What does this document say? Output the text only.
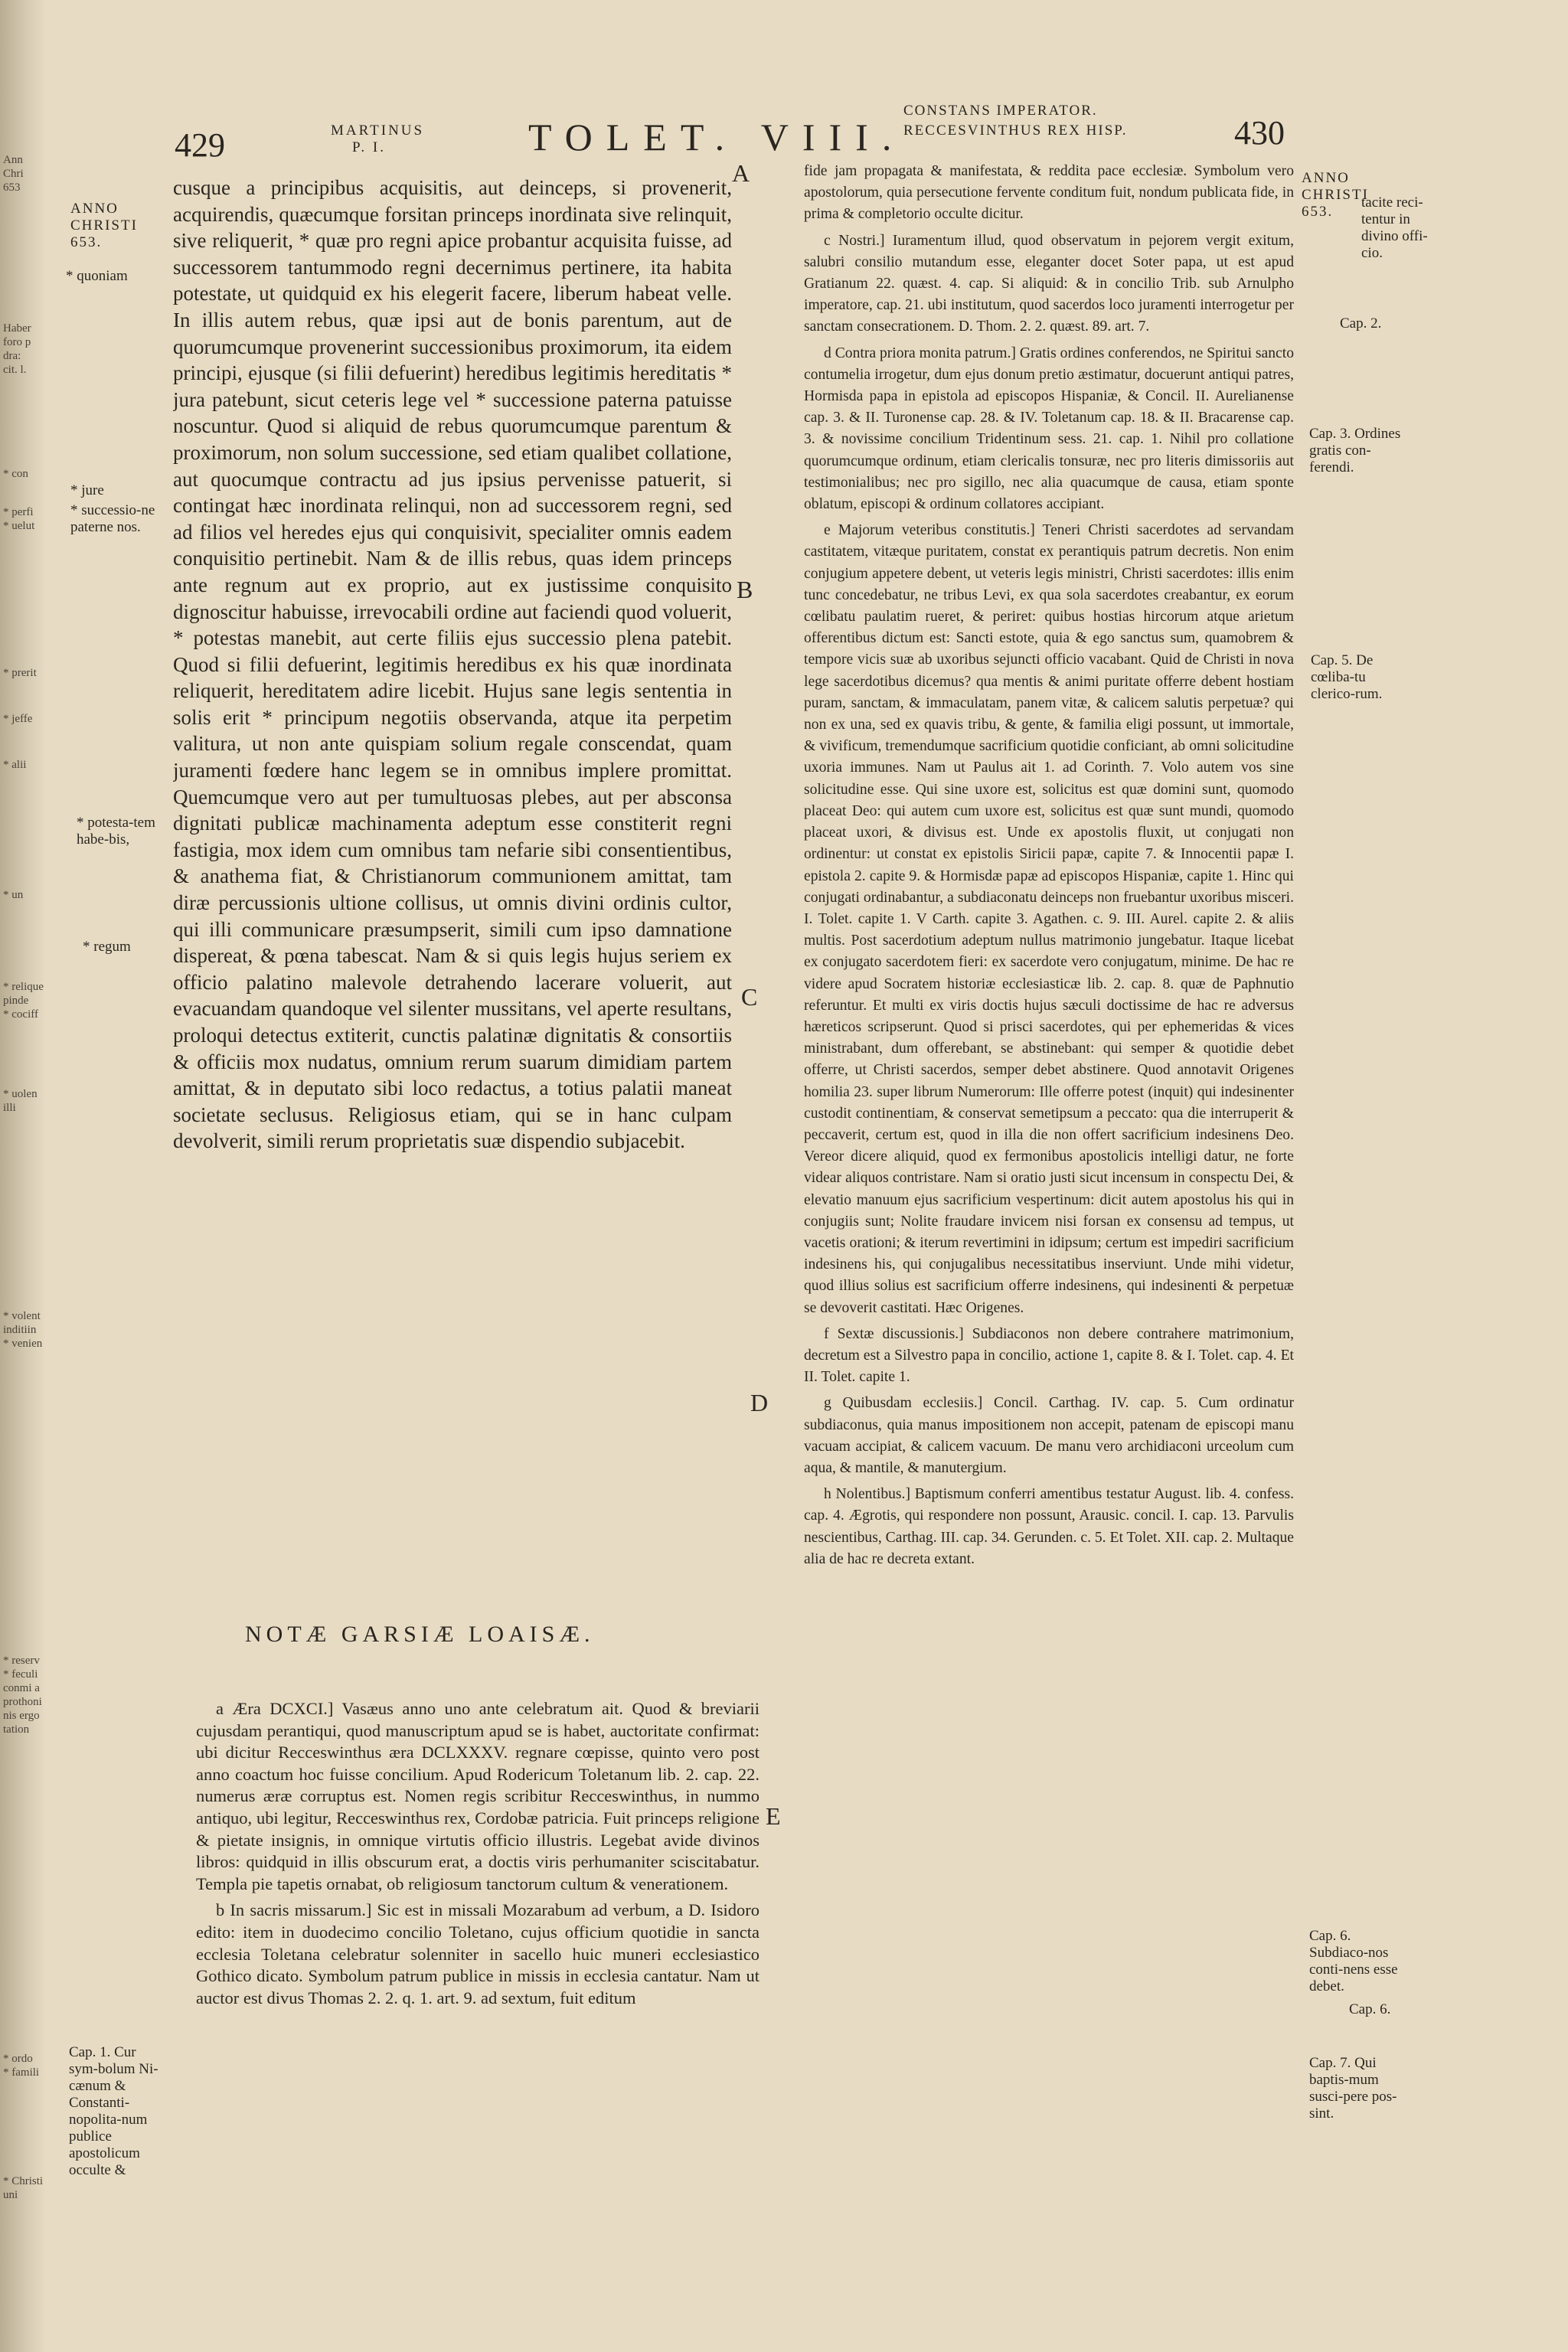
Ann
Chri
653
Haber
foro p
dra:
cit. l.
* con
* perfi
* uelut
* prerit
* jeffe
* alii
* un
* relique
pinde
* cociff
* uolen
illi
* volent
inditiin
* venien
* reserv
* feculi
conmi a
prothoni
nis ergo
tation
* ordo
* famili
* Christi
uni
429	MARTINUS P. I.	TOLET. VIII.
CONSTANS IMPERATOR.
RECCESVINTHUS REX HISP.	430
ANNO CHRISTI 653.
* quoniam
* jure
* successio-ne paterne nos.
* potesta-tem habe-bis,
* regum
Cap. 1. Cur sym-bolum Ni-cænum & Constanti-nopolita-num publice apostolicum occulte &
ANNO CHRISTI 653.
tacite reci-tentur in divino offi-cio.
Cap. 2.
Cap. 3. Ordines gratis con-ferendi.
Cap. 5. De cœliba-tu clerico-rum.
Cap. 6. Subdiaco-nos conti-nens esse debet.
Cap. 6.
Cap. 7. Qui baptis-mum susci-pere pos-sint.
A
B
C
D
E

cusque a principibus acquisitis, aut deinceps, si provenerit, acquirendis, quæcumque forsitan princeps inordinata sive relinquit, sive reliquerit, * quæ pro regni apice probantur acquisita fuisse, ad successorem tantummodo regni decernimus pertinere, ita habita potestate, ut quidquid ex his elegerit facere, liberum habeat velle. In illis autem rebus, quæ ipsi aut de bonis parentum, aut de quorumcumque provenerint successionibus proximorum, ita eidem principi, ejusque (si filii defuerint) heredibus legitimis hereditatis * jura patebunt, sicut ceteris lege vel * successione paterna patuisse noscuntur. Quod si aliquid de rebus quorumcumque parentum & proximorum, non solum successione, sed etiam qualibet collatione, aut quocumque contractu ad jus ipsius pervenisse patuerit, si contingat hæc inordinata relinqui, non ad successorem regni, sed ad filios vel heredes ejus qui conquisivit, specialiter omnis eadem conquisitio pertinebit. Nam & de illis rebus, quas idem princeps ante regnum aut ex proprio, aut ex justissime conquisito dignoscitur habuisse, irrevocabili ordine aut faciendi quod voluerit, * potestas manebit, aut certe filiis ejus successio plena patebit. Quod si filii defuerint, legitimis heredibus ex his quæ inordinata reliquerit, hereditatem adire licebit. Hujus sane legis sententia in solis erit * principum negotiis observanda, atque ita perpetim valitura, ut non ante quispiam solium regale conscendat, quam juramenti fœdere hanc legem se in omnibus implere promittat. Quemcumque vero aut per tumultuosas plebes, aut per absconsa dignitati publicæ machinamenta adeptum esse constiterit regni fastigia, mox idem cum omnibus tam nefarie sibi consentientibus, & anathema fiat, & Christianorum communionem amittat, tam diræ percussionis ultione collisus, ut omnis divini ordinis cultor, qui illi communicare præsumpserit, simili cum ipso damnatione dispereat, & pœna tabescat. Nam & si quis legis hujus seriem ex officio palatino malevole detrahendo lacerare voluerit, aut evacuandam quandoque vel silenter mussitans, vel aperte resultans, proloqui detectus extiterit, cunctis palatinæ dignitatis & consortiis & officiis mox nudatus, omnium rerum suarum dimidiam partem amittat, & in deputato sibi loco redactus, a totius palatii maneat societate seclusus. Religiosus etiam, qui se in hanc culpam devolverit, simili rerum proprietatis suæ dispendio subjacebit.

NOTÆ GARSIÆ LOAISÆ.

a Æra DCXCI.] Vasæus anno uno ante celebratum ait. Quod & breviarii cujusdam perantiqui, quod manuscriptum apud se is habet, auctoritate confirmat: ubi dicitur Recceswinthus æra DCLXXXV. regnare cœpisse, quinto vero post anno coactum hoc fuisse concilium. Apud Rodericum Toletanum lib. 2. cap. 22. numerus æræ corruptus est. Nomen regis scribitur Recceswinthus, in nummo antiquo, ubi legitur, Recceswinthus rex, Cordobæ patricia. Fuit princeps religione & pietate insignis, in omnique virtutis officio illustris. Legebat avide divinos libros: quidquid in illis obscurum erat, a doctis viris perhumaniter sciscitabatur. Templa pie tapetis ornabat, ob religiosum tanctorum cultum & venerationem.

b In sacris missarum.] Sic est in missali Mozarabum ad verbum, a D. Isidoro edito: item in duodecimo concilio Toletano, cujus officium quotidie in sancta ecclesia Toletana celebratur solenniter in sacello huic muneri ecclesiastico Gothico dicato. Symbolum patrum publice in missis in ecclesia cantatur. Nam ut auctor est divus Thomas 2. 2. q. 1. art. 9. ad sextum, fuit editum

fide jam propagata & manifestata, & reddita pace ecclesiæ. Symbolum vero apostolorum, quia persecutione fervente conditum fuit, nondum publicata fide, in prima & completorio occulte dicitur.

c Nostri.] Iuramentum illud, quod observatum in pejorem vergit exitum, salubri consilio mutandum esse, eleganter docet Soter papa, ut est apud Gratianum 22. quæst. 4. cap. Si aliquid: & in concilio Trib. sub Arnulpho imperatore, cap. 21. ubi institutum, quod sacerdos loco juramenti interrogetur per sanctam consecrationem. D. Thom. 2. 2. quæst. 89. art. 7.

d Contra priora monita patrum.] Gratis ordines conferendos, ne Spiritui sancto contumelia irrogetur, dum ejus donum pretio æstimatur, docuerunt antiqui patres, Hormisda papa in epistola ad episcopos Hispaniæ, & Concil. II. Aurelianense cap. 3. & II. Turonense cap. 28. & IV. Toletanum cap. 18. & II. Bracarense cap. 3. & novissime concilium Tridentinum sess. 21. cap. 1. Nihil pro collatione quorumcumque ordinum, etiam clericalis tonsuræ, nec pro literis dimissoriis aut testimonialibus; nec pro sigillo, nec alia quacumque de causa, etiam sponte oblatum, episcopi & ordinum collatores accipiant.

e Majorum veteribus constitutis.] Teneri Christi sacerdotes ad servandam castitatem, vitæque puritatem, constat ex perantiquis patrum decretis. Non enim conjugium appetere debent, ut veteris legis ministri, Christi sacerdotes: illis enim tunc concedebatur, ne tribus Levi, ex qua sola sacerdotes creabantur, ex eorum cœlibatu paulatim rueret, & periret: quibus hostias hircorum atque arietum offerentibus dictum est: Sancti estote, quia & ego sanctus sum, quamobrem & tempore vicis suæ ab uxoribus sejuncti officio vacabant. Quid de Christi in nova lege sacerdotibus dicemus? qua mentis & animi puritate offerre debent hostiam puram, sanctam, & immaculatam, panem vitæ, & calicem salutis perpetuæ? qui non ex una, sed ex quavis tribu, & gente, & familia eligi possunt, ut immortale, & vivificum, tremendumque sacrificium quotidie conficiant, ab omni solicitudine uxoria immunes. Nam ut Paulus ait 1. ad Corinth. 7. Volo autem vos sine solicitudine esse. Qui sine uxore est, solicitus est quæ domini sunt, quomodo placeat Deo: qui autem cum uxore est, solicitus est quæ sunt mundi, quomodo placeat uxori, & divisus est. Unde ex apostolis fluxit, ut conjugati non ordinentur: ut constat ex epistolis Siricii papæ, capite 7. & Innocentii papæ I. epistola 2. capite 9. & Hormisdæ papæ ad episcopos Hispaniæ, capite 1. Hinc qui conjugati ordinabantur, a subdiaconatu deinceps non fruebantur uxoribus misceri. I. Tolet. capite 1. V Carth. capite 3. Agathen. c. 9. III. Aurel. capite 2. & aliis multis. Post sacerdotium adeptum nullus matrimonio jungebatur. Itaque licebat ex conjugato sacerdotem fieri: ex sacerdote vero conjugatum, minime. De hac re videre apud Socratem historiæ ecclesiasticæ lib. 2. cap. 8. quæ de Paphnutio referuntur. Et multi ex viris doctis hujus sæculi doctissime de hac re adversus hæreticos scripserunt. Quod si prisci sacerdotes, qui per ephemeridas & vices ministrabant, dum offerebant, se abstinebant: qui semper & quotidie debet offerre, ut Christi sacerdos, semper debet abstinere. Quod annotavit Origenes homilia 23. super librum Numerorum: Ille offerre potest (inquit) qui indesinenter custodit continentiam, & conservat semetipsum a peccato: qua die interruperit & peccaverit, certum est, quod in illa die non offert sacrificium indesinens Deo. Vereor dicere aliquid, quod ex fermonibus apostolicis intelligi datur, ne forte videar aliquos contristare. Nam si oratio justi sicut incensum in conspectu Dei, & elevatio manuum ejus sacrificium vespertinum: dicit autem apostolus his qui in conjugiis sunt; Nolite fraudare invicem nisi forsan ex consensu ad tempus, ut vacetis orationi; & iterum revertimini in idipsum; certum est impediri sacrificium indesinens his, qui conjugalibus necessitatibus inserviunt. Unde mihi videtur, quod illius solius est sacrificium offerre indesinens, qui indesinenti & perpetuæ se devoverit castitati. Hæc Origenes.

f Sextæ discussionis.] Subdiaconos non debere contrahere matrimonium, decretum est a Silvestro papa in concilio, actione 1, capite 8. & I. Tolet. cap. 4. Et II. Tolet. capite 1.

g Quibusdam ecclesiis.] Concil. Carthag. IV. cap. 5. Cum ordinatur subdiaconus, quia manus impositionem non accepit, patenam de episcopi manu vacuam accipiat, & calicem vacuum. De manu vero archidiaconi urceolum cum aqua, & mantile, & manutergium.

h Nolentibus.] Baptismum conferri amentibus testatur August. lib. 4. confess. cap. 4. Ægrotis, qui respondere non possunt, Arausic. concil. I. cap. 13. Parvulis nescientibus, Carthag. III. cap. 34. Gerunden. c. 5. Et Tolet. XII. cap. 2. Multaque alia de hac re decreta extant.
